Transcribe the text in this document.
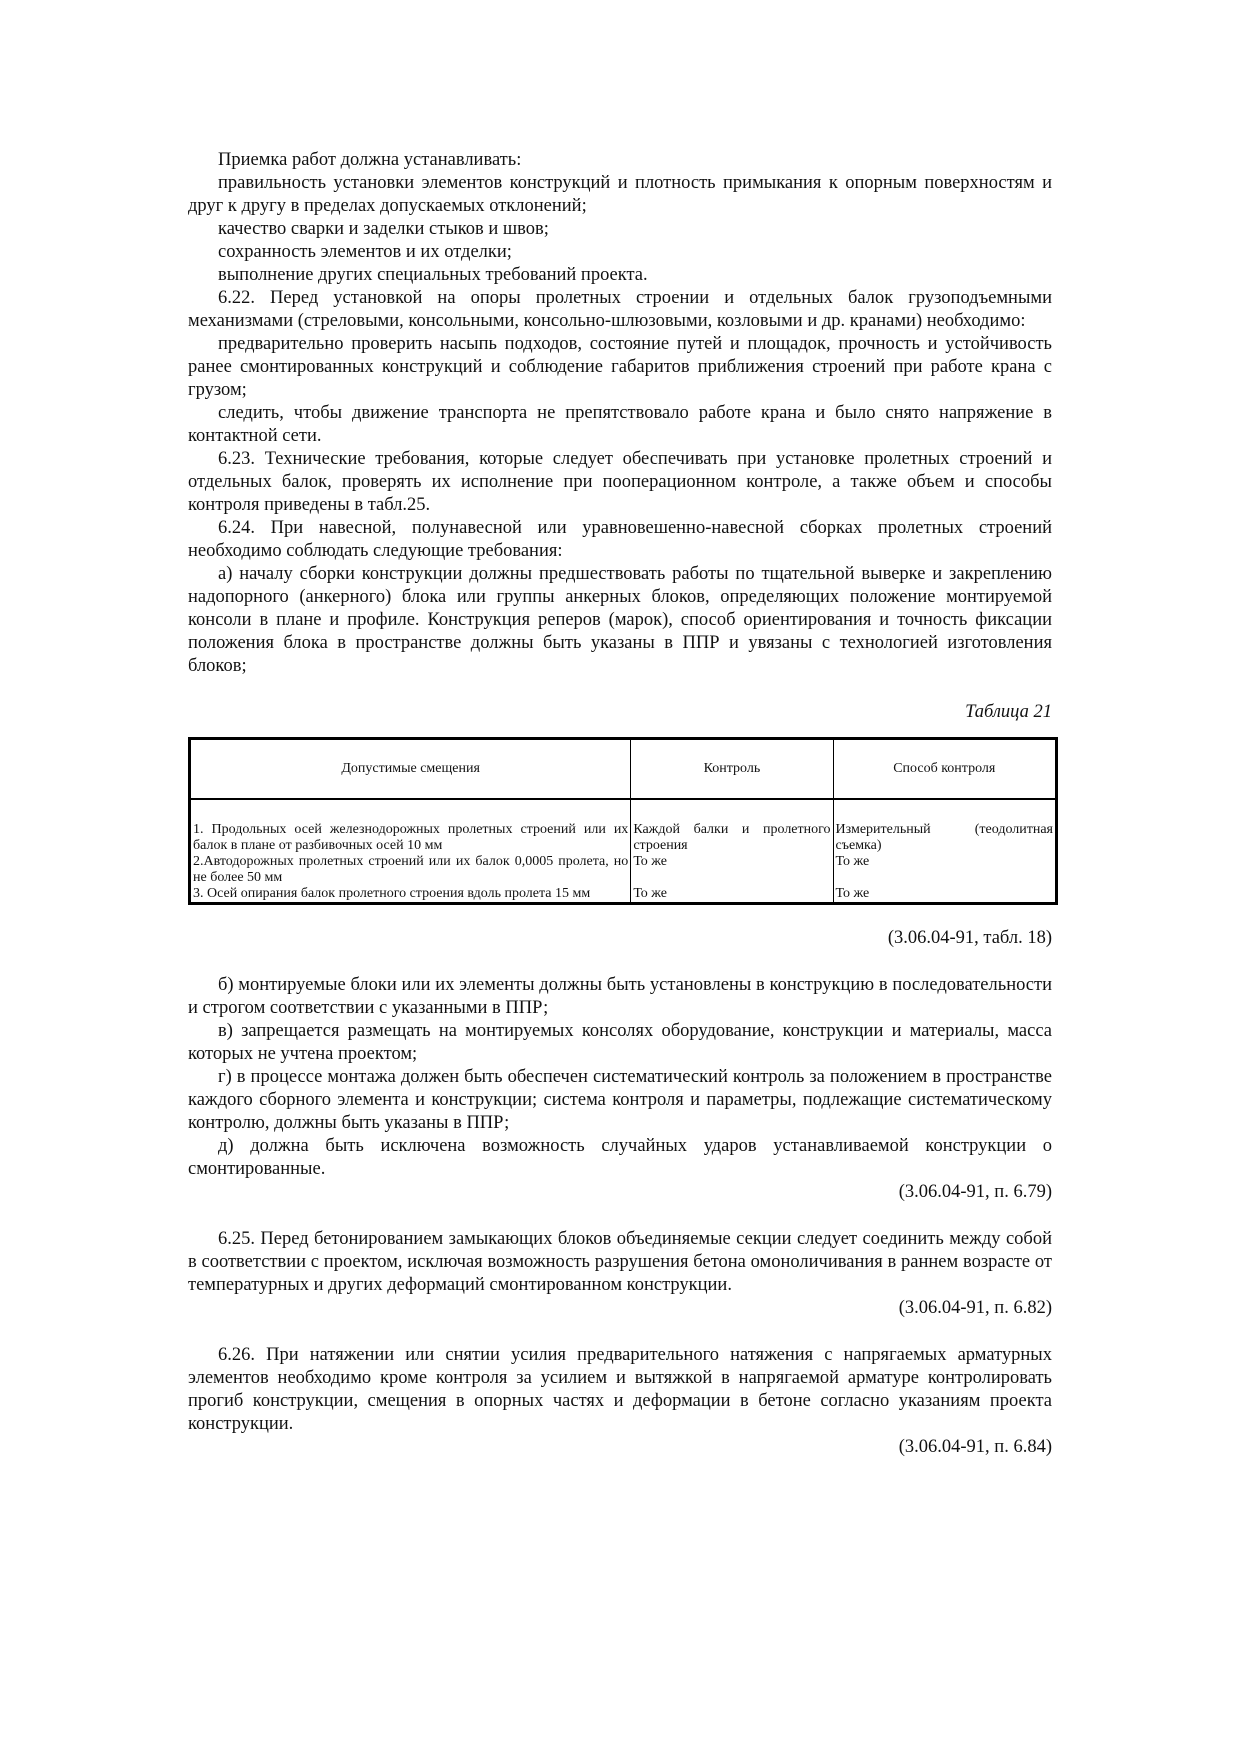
Приемка работ должна устанавливать:

правильность установки элементов конструкций и плотность примыкания к опорным поверхностям и друг к другу в пределах допускаемых отклонений;

качество сварки и заделки стыков и швов;

сохранность элементов и их отделки;

выполнение других специальных требований проекта.

6.22. Перед установкой на опоры пролетных строении и отдельных балок грузоподъемными механизмами (стреловыми, консольными, консольно-шлюзовыми, козловыми и др. кранами) необходимо:

предварительно проверить насыпь подходов, состояние путей и площадок, прочность и устойчивость ранее смонтированных конструкций и соблюдение габаритов приближения строений при работе крана с грузом;

следить, чтобы движение транспорта не препятствовало работе крана и было снято напряжение в контактной сети.

6.23. Технические требования, которые следует обеспечивать при установке пролетных строений и отдельных балок, проверять их исполнение при пооперационном контроле, а также объем и способы контроля приведены в табл.25.

6.24. При навесной, полунавесной или уравновешенно-навесной сборках пролетных строений необходимо соблюдать следующие требования:

а) началу сборки конструкции должны предшествовать работы по тщательной выверке и закреплению надопорного (анкерного) блока или группы анкерных блоков, определяющих положение монтируемой консоли в плане и профиле. Конструкция реперов (марок), способ ориентирования и точность фиксации положения блока в пространстве должны быть указаны в ППР и увязаны с технологией изготовления блоков;

Таблица 21

Допустимые смещения	Контроль	Способ контроля
1. Продольных осей железнодорожных пролетных строений или их балок в плане от разбивочных осей 10 мм	Каждой балки и пролетного строения	Измерительный (теодолитная съемка)
2.Автодорожных пролетных строений или их балок 0,0005 пролета, но не более 50 мм	То же	То же
3. Осей опирания балок пролетного строения вдоль пролета 15 мм	То же	То же

(3.06.04-91, табл. 18)

б) монтируемые блоки или их элементы должны быть установлены в конструкцию в последовательности и строгом соответствии с указанными в ППР;

в) запрещается размещать на монтируемых консолях оборудование, конструкции и материалы, масса которых не учтена проектом;

г) в процессе монтажа должен быть обеспечен систематический контроль за положением в пространстве каждого сборного элемента и конструкции; система контроля и параметры, подлежащие систематическому контролю, должны быть указаны в ППР;

д) должна быть исключена возможность случайных ударов устанавливаемой конструкции о смонтированные.

(3.06.04-91, п. 6.79)

6.25. Перед бетонированием замыкающих блоков объединяемые секции следует соединить между собой в соответствии с проектом, исключая возможность разрушения бетона омоноличивания в раннем возрасте от температурных и других деформаций смонтированном конструкции.

(3.06.04-91, п. 6.82)

6.26. При натяжении или снятии усилия предварительного натяжения с напрягаемых арматурных элементов необходимо кроме контроля за усилием и вытяжкой в напрягаемой арматуре контролировать прогиб конструкции, смещения в опорных частях и деформации в бетоне согласно указаниям проекта конструкции.

(3.06.04-91, п. 6.84)
